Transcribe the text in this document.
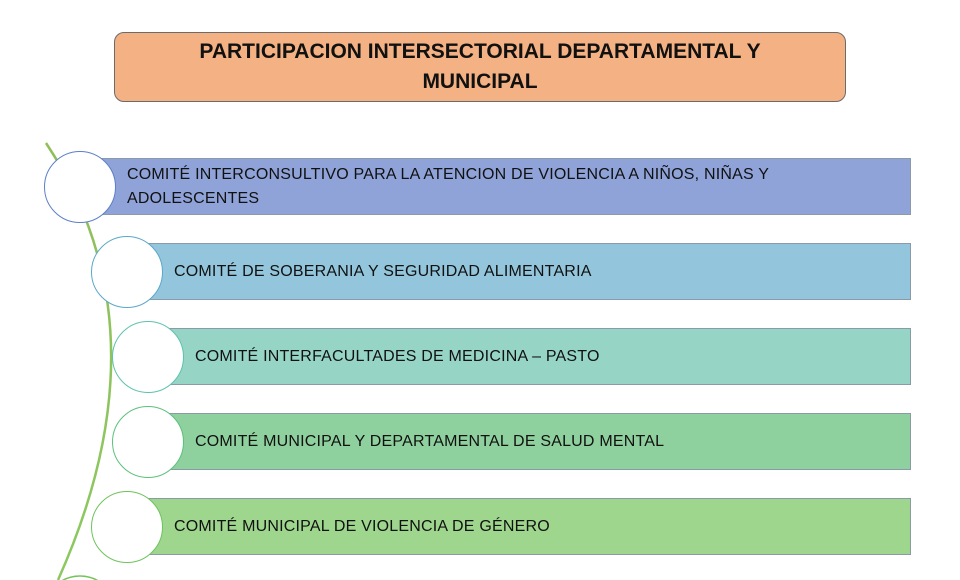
PARTICIPACION INTERSECTORIAL DEPARTAMENTAL Y MUNICIPAL
COMITÉ INTERCONSULTIVO PARA LA ATENCION DE VIOLENCIA A NIÑOS, NIÑAS Y ADOLESCENTES
COMITÉ DE SOBERANIA Y SEGURIDAD ALIMENTARIA
COMITÉ INTERFACULTADES DE MEDICINA – PASTO
COMITÉ MUNICIPAL Y DEPARTAMENTAL DE SALUD MENTAL
COMITÉ MUNICIPAL DE VIOLENCIA DE GÉNERO
